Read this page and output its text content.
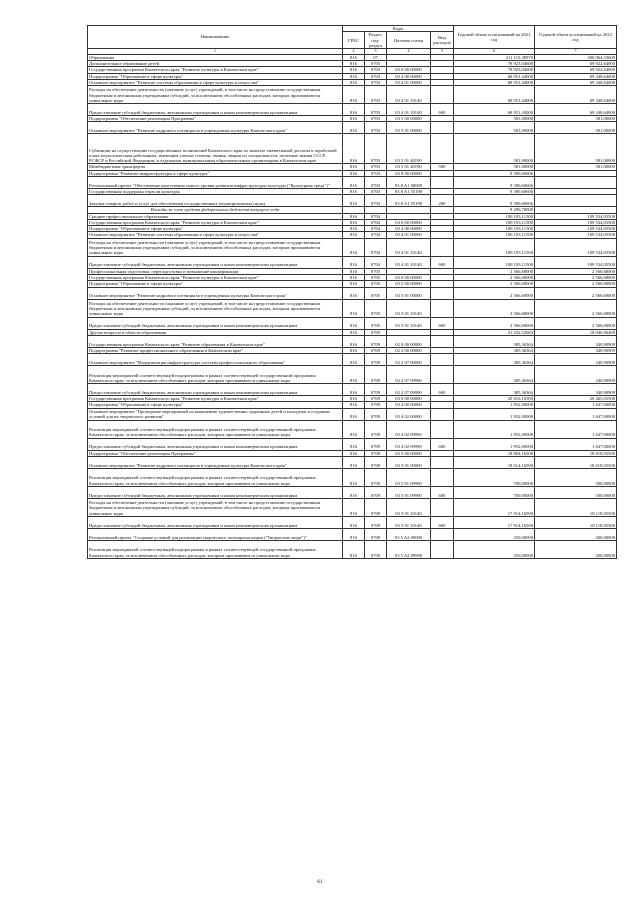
Наименование	Коды				Годовой объем ассигнований на 2021 год	Годовой объем ассигнований на 2022 год
	ГРБС	Раздел, под-раздел	Целевая статья	Вид расходов		
1	2	3	4	5	6	7
Образование	816	07			211 115,38970	200 064,33609
Дополнительное образование детей	816	0703			78 923,04600	69 922,64000
Государственная программа Камчатского края "Развитие культуры в Камчатском крае"	816	0703	03 0 00 00000		78 923,04600	69 922,64000
Подпрограмма "Образование в сфере культуры"	816	0703	03 4 00 00000		68 951,44000	69 348,64000
Основное мероприятие "Развитие системы образования в сфере культуры и искусства"	816	0703	03 4 01 00000		68 951,44000	69 348,64000
Расходы на обеспечение деятельности (оказание услуг) учреждений, в том числе на предоставление государственным бюджетным и автономным учреждениям субсидий, за исключением обособленных расходов, которым присваиваются уникальные коды	816	0703	03 4 01 10140		68 951,44000	69 348,64000
Предоставление субсидий бюджетным, автономным учреждениям и иным некоммерческим организациям	816	0703	03 4 01 10140	600	68 951,44000	69 348,64000
Подпрограмма "Обеспечение реализации Программы"	816	0703	03 5 00 00000		581,00000	581,00000
Основное мероприятие "Развитие кадрового потенциала в учреждениях культуры Камчатского края"	816	0703	03 5 01 00000		581,00000	581,00000
Субвенции на осуществление государственных полномочий Камчатского края по выплате ежемесячной доплаты к заработной плате педагогическим работникам, имеющим ученые степени, звания, звания по специальности, почетные звания СССР, РСФСР и Российской Федерации, и отдельным муниципальным образовательным организациям в Камчатском крае	816	0703	03 5 01 40190		581,00000	581,00000
Межбюджетные трансферты	816	0703	03 5 01 40190	500	581,00000	581,00000
Подпрограмма "Развитие инфраструктуры в сфере культуры"	816	0703	03 8 00 00000		9 390,60606	
Региональный проект "Обеспечение качественно нового уровня развития инфраструктуры культуры ("Культурная среда")"	816	0703	03 8 A1 00000		9 390,60606	
Государственная поддержка отрасли культуры	816	0703	03 8 A1 55190		9 390,60606	
Закупка товаров, работ и услуг для обеспечения государственных (муниципальных) нужд	816	0703	03 8 A1 55190	200	9 390,60606	
Расходы за счет средств федерального бюджета текущего года					9 296,70000	
Среднее профессиональное образование	816	0704			108 193,11500	109 534,05500
Государственная программа Камчатского края "Развитие культуры в Камчатском крае"	816	0704	03 0 00 00000		108 193,11500	109 534,05500
Подпрограмма "Образование в сфере культуры"	816	0704	03 4 00 00000		108 193,11500	109 534,05500
Основное мероприятие "Развитие системы образования в сфере культуры и искусства"	816	0704	03 4 01 00000		108 193,11500	109 534,05500
Расходы на обеспечение деятельности (оказание услуг) учреждений, в том числе на предоставление государственным бюджетным и автономным учреждениям субсидий, за исключением обособленных расходов, которым присваиваются уникальные коды	816	0704	03 4 01 10140		108 193,11500	109 534,05500
Предоставление субсидий бюджетным, автономным учреждениям и иным некоммерческим организациям	816	0704	03 4 01 10140	600	108 193,11500	109 534,05500
Профессиональная подготовка, переподготовка и повышение квалификации	816	0705			2 566,68000	2 566,68000
Государственная программа Камчатского края "Развитие культуры в Камчатском крае"	816	0705	03 0 00 00000		2 566,68000	2 566,68000
Подпрограмма "Образование в сфере культуры"	816	0705	03 5 00 00000		2 566,68000	2 566,68000
Основное мероприятие "Развитие кадрового потенциала в учреждениях культуры Камчатского края"	816	0705	03 5 01 00000		2 566,68000	2 566,68000
Расходы на обеспечение деятельности (оказание услуг) учреждений, в том числе на предоставление государственным бюджетным и автономным учреждениям субсидий, за исключением обособленных расходов, которым присваиваются уникальные коды	816	0705	03 5 01 10140		2 566,68000	2 566,68000
Предоставление субсидий бюджетным, автономным учреждениям и иным некоммерческим организациям	816	0705	03 5 01 10140	600	2 566,68000	2 566,68000
Другие вопросы в области образования	816	0709			21 432,52084	18 040,96409
Государственная программа Камчатского края "Развитие образования в Камчатском крае"	816	0709	02 0 00 00000		385,36364	340,90909
Подпрограмма "Развитие профессионального образования в Камчатском крае"	816	0709	02 2 00 00000		385,36364	340,90909
Основное мероприятие "Модернизация инфраструктуры системы профессионального образования"	816	0709	02 2 07 00000		385,36364	340,90909
Реализация мероприятий соответствующей подпрограммы в рамках соответствующей государственной программы Камчатского края, за исключением обособленных расходов, которым присваиваются уникальные коды	816	0709	02 2 07 09990		385,36364	340,90909
Предоставление субсидий бюджетным, автономным учреждениям и иным некоммерческим организациям	816	0709	02 2 07 09990	600	385,36364	340,90909
Государственная программа Камчатского края "Развитие культуры в Камчатском крае"	816	0709	03 0 00 00000		20 816,16500	20 465,05500
Подпрограмма "Образование в сфере культуры"	816	0709	03 4 00 00000		1 952,00000	1 647,00000
Основное мероприятие "Проведение мероприятий по выявлению художественно одаренных детей и молодежи и созданию условий для их творческого развития"	816	0709	03 4 02 00000		1 952,00000	1 647,00000
Реализация мероприятий соответствующей подпрограммы в рамках соответствующей государственной программы Камчатского края, за исключением обособленных расходов, которым присваиваются уникальные коды	816	0709	03 4 02 09990		1 952,00000	1 647,00000
Предоставление субсидий бюджетным, автономным учреждениям и иным некоммерческим организациям	816	0709	03 4 02 09990	600	1 952,00000	1 647,00000
Подпрограмма "Обеспечение реализации Программы"	816	0709	03 5 00 00000		18 864,16500	18 818,05500
Основное мероприятие "Развитие кадрового потенциала в учреждениях культуры Камчатского края"	816	0709	03 5 01 00000		18 614,16500	18 618,05500
Реализация мероприятий соответствующей подпрограммы в рамках соответствующей государственной программы Камчатского края, за исключением обособленных расходов, которым присваиваются уникальные коды	816	0709	03 5 01 09990		700,00000	500,00000
Предоставление субсидий бюджетным, автономным учреждениям и иным некоммерческим организациям	816	0709	03 5 01 09990	600	700,00000	500,00000
Расходы на обеспечение деятельности (оказание услуг) учреждений, в том числе на предоставление государственным бюджетным и автономным учреждениям субсидий, за исключением обособленных расходов, которым присваиваются уникальные коды	816	0709	03 5 01 10140		17 914,16500	18 118,05500
Предоставление субсидий бюджетным, автономным учреждениям и иным некоммерческим организациям	816	0709	03 5 01 10140	600	17 914,16500	18 118,05500
Региональный проект "Создание условий для реализации творческого потенциала нации ("Творческие люди")"	816	0709	03 5 A2 00000		250,00000	200,00000
Реализация мероприятий соответствующей подпрограммы в рамках соответствующей государственной программы Камчатского края, за исключением обособленных расходов, которым присваиваются уникальные коды	816	0709	03 5 A2 09990		250,00000	200,00000
61
